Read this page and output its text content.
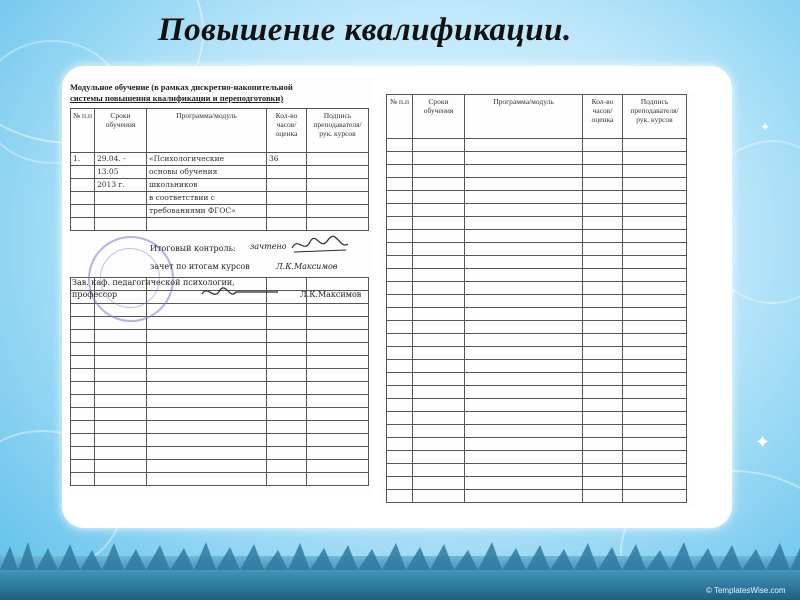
✦
✦
Повышение квалификации.
Модульное обучение (в рамках дискретно-накопительной
системы повышения квалификации и переподготовки)
№ п.п	Сроки обучения	Программа/модуль	Кол-во часов/ оценка	Подпись преподавателя/ рук. курсов
1.	29.04. -	«Психологические	36	
	13.05	основы обучения		
	2013 г.	школьников		
		в соответствии с		
		требованиями ФГОС»		

Итоговый контроль:
зачет по итогам курсов
зачтено
Л.К.Максимов
Зав. каф. педагогической психологии,
профессор	Л.К.Максимов
№ п.п	Сроки обучения	Программа/модуль	Кол-во часов/ оценка	Подпись преподавателя/ рук. курсов

© TemplatesWise.com
